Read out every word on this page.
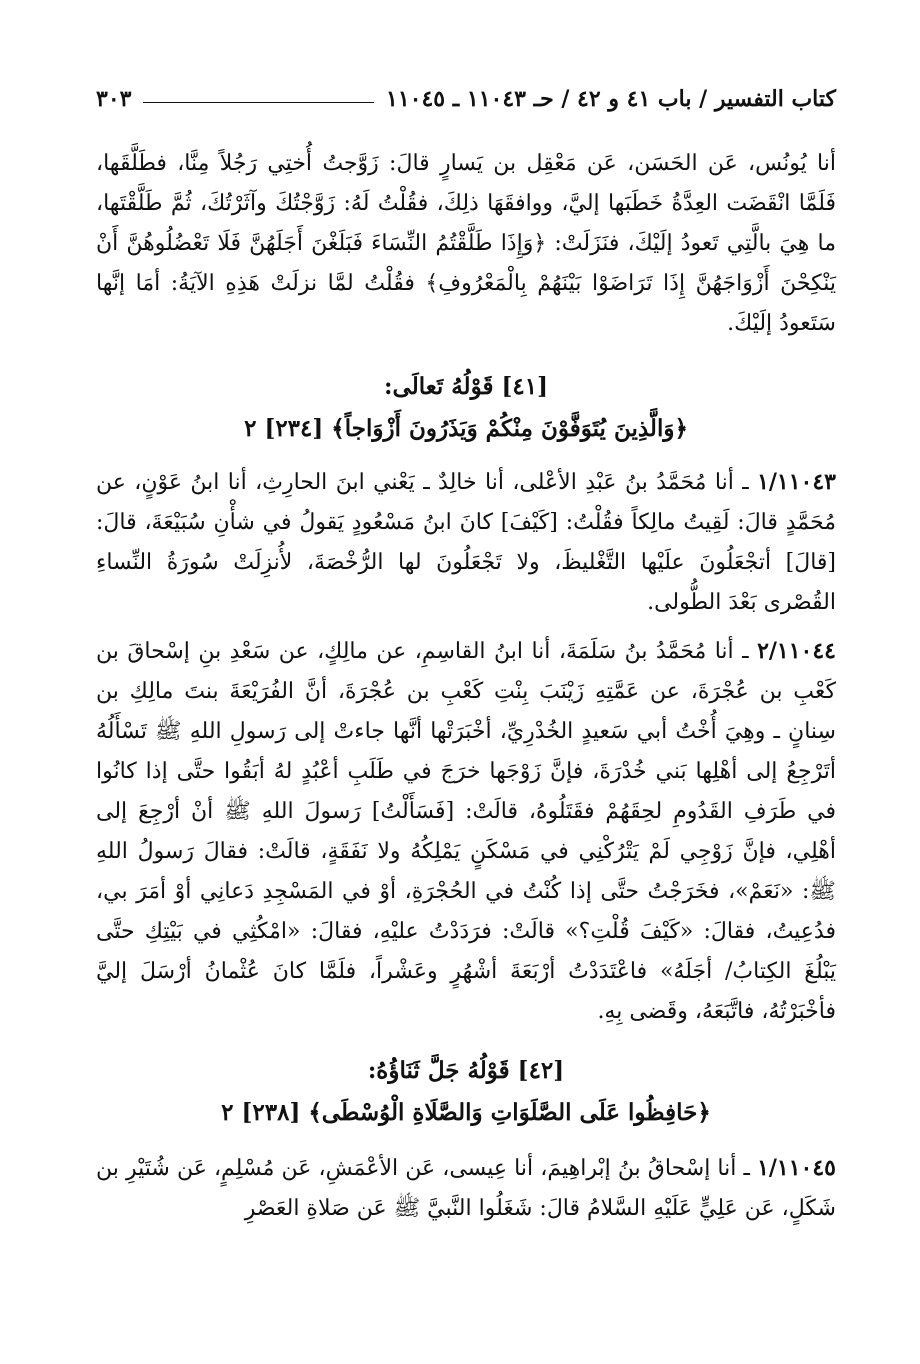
كتاب التفسير / باب ٤١ و ٤٢ / حـ ١١٠٤٣ ـ ١١٠٤٥
٣٠٣

أنا يُونُس، عَن الحَسَن، عَن مَعْقِل بن يَسارٍ قالَ: زَوَّجتُ أُختِي رَجُلاً مِنَّا، فطَلَّقَها، فَلَمَّا انْقَضَت العِدَّةُ خَطَبَها إليَّ، ووافقَهَا ذلِكَ، فقُلْتُ لَهُ: زَوَّجْتُكَ وآثَرْتُكَ، ثُمَّ طَلَّقْتَها، ما هِيَ بالَّتِي تَعودُ إلَيْكَ، فنَزَلَتْ: ﴿وَإِذَا طَلَّقْتُمُ النِّسَاءَ فَبَلَغْنَ أَجَلَهُنَّ فَلَا تَعْضُلُوهُنَّ أَنْ يَنْكِحْنَ أَزْوَاجَهُنَّ إِذَا تَرَاضَوْا بَيْنَهُمْ بِالْمَعْرُوفِ﴾ فقُلْتُ لمَّا نزلَتْ هَذِهِ الآيَةُ: أمَا إنَّها سَتَعودُ إلَيْكَ.

[٤١] قَوْلُهُ تَعالَى:

﴿وَالَّذِينَ يُتَوَفَّوْنَ مِنْكُمْ وَيَذَرُونَ أَزْوَاجاً﴾ [٢٣٤] ٢

١/١١٠٤٣ ـ أنا مُحَمَّدُ بنُ عَبْدِ الأعْلى، أنا خالِدٌ ـ يَعْني ابنَ الحارِثِ، أنا ابنُ عَوْنٍ، عن مُحَمَّدٍ قالَ: لَقِيتُ مالِكاً فقُلْتُ: [كَيْفَ] كانَ ابنُ مَسْعُودٍ يَقولُ في شأْنِ سُبَيْعَةَ، قالَ: [قالَ] أتجْعَلُونَ علَيْها التَّغْليظَ، ولا تَجْعَلُونَ لها الرُّخْصَةَ، لأُنزِلَتْ سُورَةُ النِّساءِ القُصْرى بَعْدَ الطُّولى.

٢/١١٠٤٤ ـ أنا مُحَمَّدُ بنُ سَلَمَةَ، أنا ابنُ القاسِمِ، عن مالِكٍ، عن سَعْدِ بنِ إسْحاقَ بن كَعْبِ بن عُجْرَةَ، عن عَمَّتِهِ زَيْنَبَ بِنْتِ كَعْبِ بن عُجْرَةَ، أنَّ الفُرَيْعَةَ بنتَ مالِكِ بن سِنانٍ ـ وهِيَ أُخْتُ أبي سَعيدٍ الخُدْرِيِّ، أخْبَرَتْها أنَّها جاءتْ إلى رَسولِ اللهِ ﷺ تَسْأَلُهُ أتَرْجِعُ إلى أهْلِها بَني خُدْرَةَ، فإنَّ زَوْجَها خرَجَ في طَلَبِ أعْبُدٍ لهُ أبَقُوا حتَّى إذا كانُوا في طَرَفِ القَدُومِ لحِقَهُمْ فقَتَلُوهُ، قالَتْ: [فَسَأَلْتُ] رَسولَ اللهِ ﷺ أنْ أرْجِعَ إلى أهْلِي، فإنَّ زَوْجِي لَمْ يَتْرُكْنِي في مَسْكَنٍ يَمْلِكُهُ ولا نَفَقَةٍ، قالَتْ: فقالَ رَسولُ اللهِ ﷺ: «نَعَمْ»، فخَرَجْتُ حتَّى إذا كُنْتُ في الحُجْرَةِ، أوْ في المَسْجِدِ دَعانِي أوْ أمَرَ بي، فدُعِيتُ، فقالَ: «كَيْفَ قُلْتِ؟» قالَتْ: فرَدَدْتُ عليْهِ، فقالَ: «امْكُثِي في بَيْتِكِ حتَّى يَبْلُغَ الكِتابُ/ أجَلَهُ» فاعْتَدَدْتُ أرْبَعَةَ أشْهُرٍ وعَشْراً، فلَمَّا كانَ عُثْمانُ أرْسَلَ إليَّ فأخْبَرْتُهُ، فاتَّبَعَهُ، وقَضى بِهِ.

[٤٢] قَوْلُهُ جَلَّ ثَنَاؤُهُ:

﴿حَافِظُوا عَلَى الصَّلَوَاتِ وَالصَّلَاةِ الْوُسْطَى﴾ [٢٣٨] ٢

١/١١٠٤٥ ـ أنا إسْحاقُ بنُ إبْراهِيمَ، أنا عِيسى، عَن الأعْمَشِ، عَن مُسْلِمٍ، عَن شُتَيْرِ بن شَكَلٍ، عَن عَلِيٍّ عَلَيْهِ السَّلامُ قالَ: شَغَلُوا النَّبيَّ ﷺ عَن صَلاةِ العَصْرِ
